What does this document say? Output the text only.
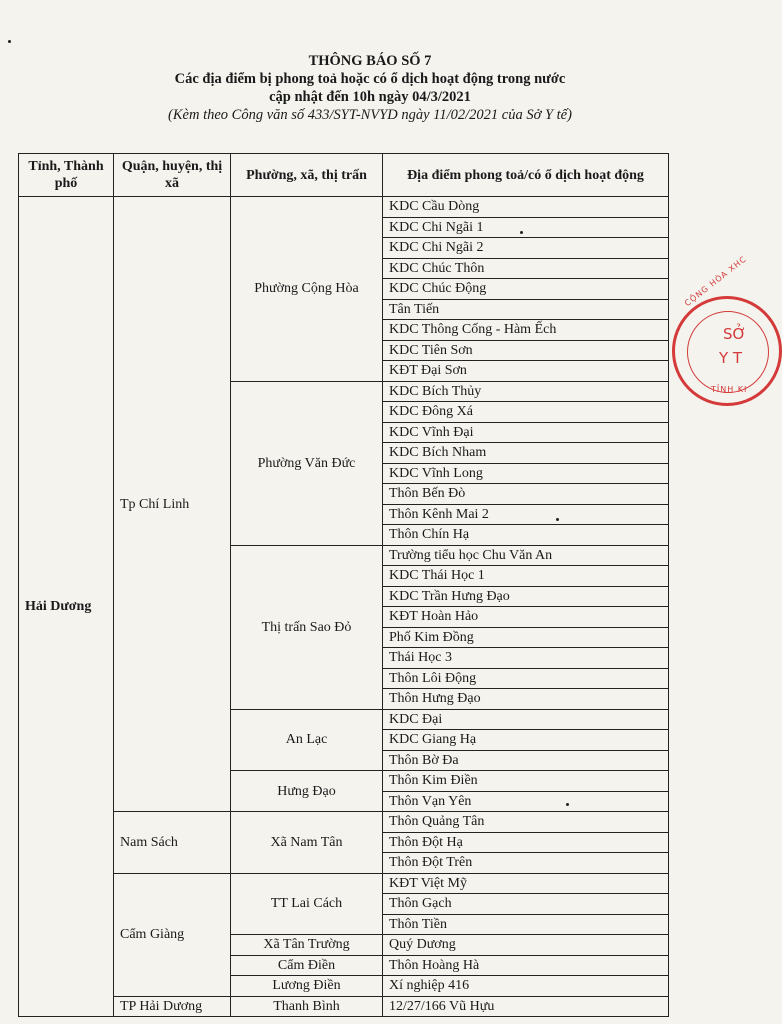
THÔNG BÁO SỐ 7
Các địa điểm bị phong toả hoặc có ổ dịch hoạt động trong nước
cập nhật đến 10h ngày 04/3/2021
(Kèm theo Công văn số 433/SYT-NVYD ngày 11/02/2021 của Sở Y tế)
Tỉnh, Thành phố	Quận, huyện, thị xã	Phường, xã, thị trấn	Địa điểm phong toả/có ổ dịch hoạt động
Hải Dương	Tp Chí Linh	Phường Cộng Hòa	KDC Cầu Dòng
			KDC Chi Ngãi 1
			KDC Chi Ngãi 2
			KDC Chúc Thôn
			KDC Chúc Động
			Tân Tiến
			KDC Thông Cống - Hàm Ếch
			KDC Tiên Sơn
			KĐT Đại Sơn
		Phường Văn Đức	KDC Bích Thủy
			KDC Đông Xá
			KDC Vĩnh Đại
			KDC Bích Nham
			KDC Vĩnh Long
			Thôn Bến Đò
			Thôn Kênh Mai 2
			Thôn Chín Hạ
		Thị trấn Sao Đỏ	Trường tiểu học Chu Văn An
			KDC Thái Học 1
			KDC Trần Hưng Đạo
			KĐT Hoàn Hảo
			Phố Kim Đồng
			Thái Học 3
			Thôn Lôi Động
			Thôn Hưng Đạo
		An Lạc	KDC Đại
			KDC Giang Hạ
			Thôn Bờ Đa
		Hưng Đạo	Thôn Kim Điền
			Thôn Vạn Yên
	Nam Sách	Xã Nam Tân	Thôn Quảng Tân
			Thôn Đột Hạ
			Thôn Đột Trên
	Cẩm Giàng	TT Lai Cách	KĐT Việt Mỹ
			Thôn Gạch
			Thôn Tiền
		Xã Tân Trường	Quý Dương
		Cẩm Điền	Thôn Hoàng Hà
		Lương Điền	Xí nghiệp 416
	TP Hải Dương	Thanh Bình	12/27/166 Vũ Hựu
CỘNG HÒA XHC
SỞ
Y T
TỈNH KI
